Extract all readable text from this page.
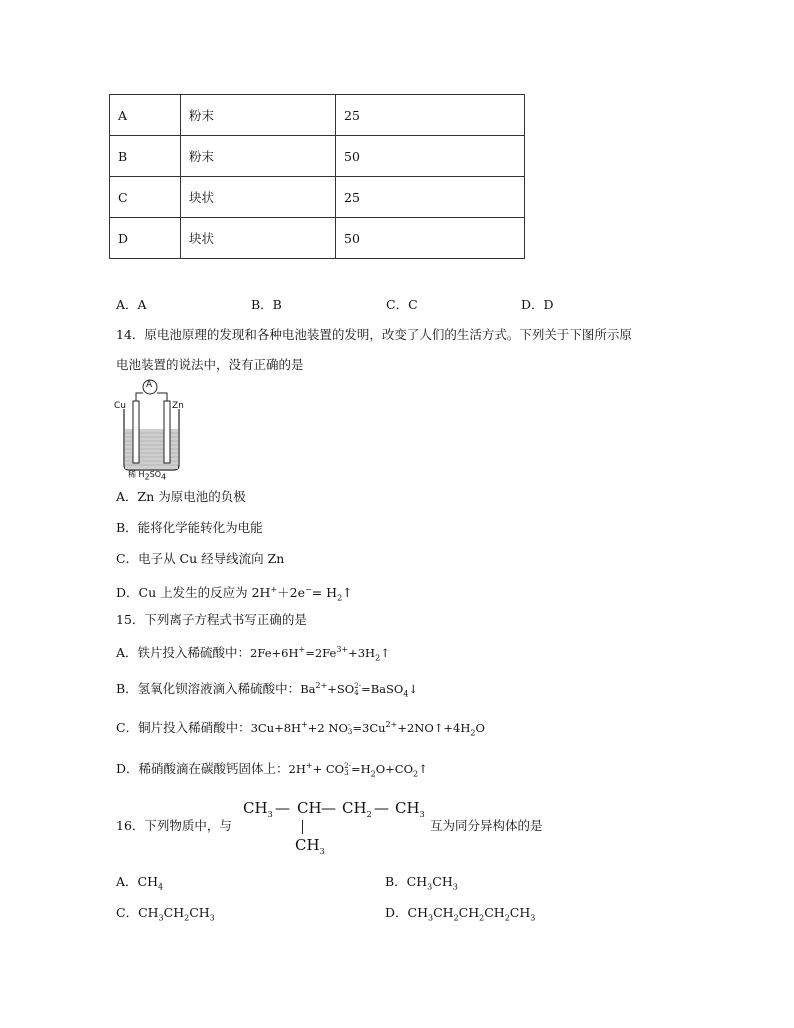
A	粉末	25
B	粉末	50
C	块状	25
D	块状	50
A．A	B．B	C．C	D．D
14．原电池原理的发现和各种电池装置的发明，改变了人们的生活方式。下列关于下图所示原
电池装置的说法中，没有正确的是
A
Cu	Zn
稀 $H_2SO_4$
A．Zn 为原电池的负极
B．能将化学能转化为电能
C．电子从 Cu 经导线流向 Zn
D．Cu 上发生的反应为 $2H^++2e^-= H_2↑$
15．下列离子方程式书写正确的是
A．铁片投入稀硫酸中：$2Fe+6H^+=2Fe^{3+}+3H_2↑$
B．氢氧化钡溶液滴入稀硫酸中：$Ba^{2+}+SO$ 2-
4 =BaSO$_4$↓
C．铜片投入稀硝酸中：3Cu+8H++2 NO -
$3 =3Cu^{2+}+2NO↑+4H_2O$
D．稀硝酸滴在碳酸钙固体上：2H++ CO 2-
$3 =H_2O+CO_2↑$
16．下列物质中，与
$CH_3$ — CH — $CH_2$ — $CH_3$
$CH_3$
互为同分异构体的是
A．$CH_4$	B．$CH_3CH_3$
C．$CH_3CH_2CH_3$	D．$CH_3CH_2CH_2CH_2CH_3$
